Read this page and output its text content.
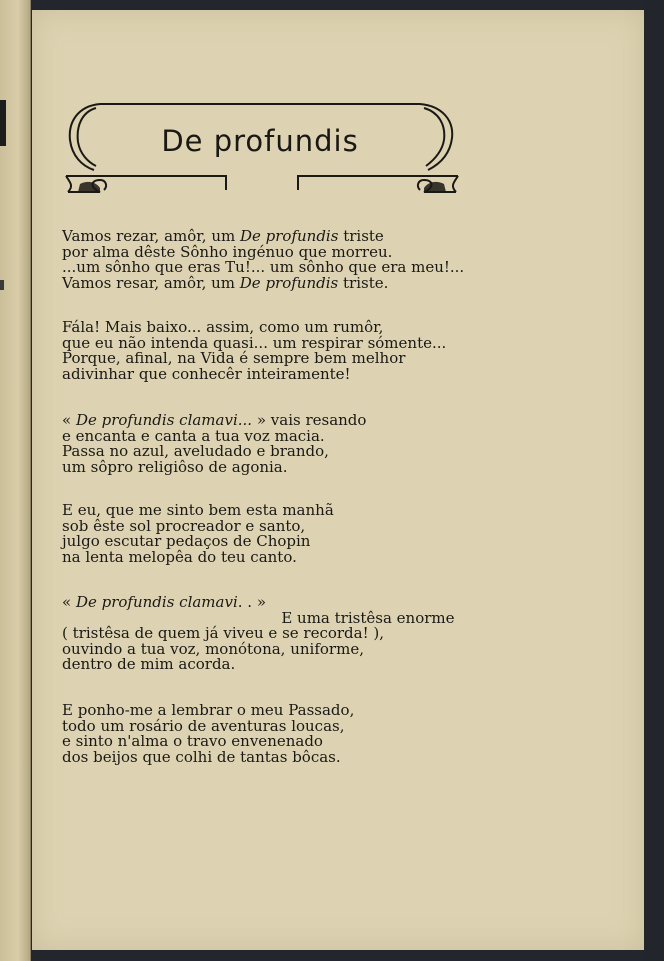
De profundis
Vamos rezar, amôr, um De profundis triste
por alma dêste Sônho ingénuo que morreu.
...um sônho que eras Tu!... um sônho que era meu!...
Vamos resar, amôr, um De profundis triste.
Fála! Mais baixo... assim, como um rumôr,
que eu não intenda quasi... um respirar sómente...
Porque, afinal, na Vida é sempre bem melhor
adivinhar que conhecêr inteiramente!
« De profundis clamavi... » vais resando
e encanta e canta a tua voz macia.
Passa no azul, aveludado e brando,
um sôpro religiôso de agonia.
E eu, que me sinto bem esta manhã
sob êste sol procreador e santo,
julgo escutar pedaços de Chopin
na lenta melopêa do teu canto.
« De profundis clamavi. . »
E uma tristêsa enorme
( tristêsa de quem já viveu e se recorda! ),
ouvindo a tua voz, monótona, uniforme,
dentro de mim acorda.
E ponho-me a lembrar o meu Passado,
todo um rosário de aventuras loucas,
e sinto n'alma o travo envenenado
dos beijos que colhi de tantas bôcas.
